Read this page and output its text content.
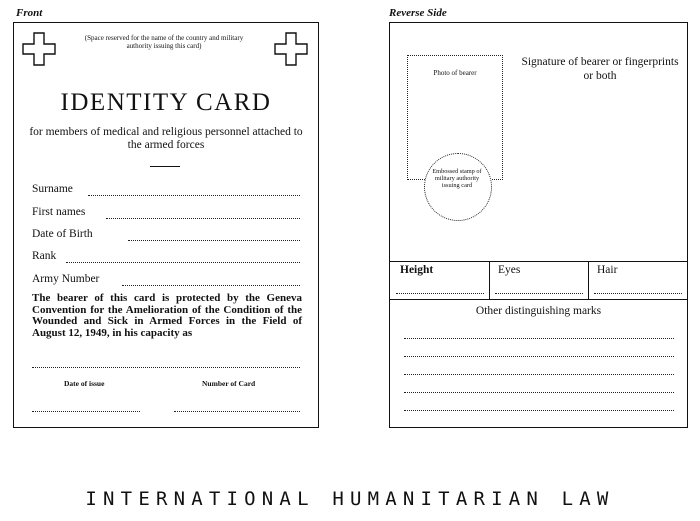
Front	Reverse Side
(Space reserved for the name of the country and military authority issuing this card)
IDENTITY CARD
for members of medical and religious personnel attached to the armed forces
Surname
First names
Date of Birth
Rank
Army Number
The bearer of this card is protected by the Geneva Convention for the Amelioration of the Condition of the Wounded and Sick in Armed Forces in the Field of August 12, 1949, in his capacity as
Date of issue	Number of Card
Photo of bearer
Embossed stamp of military authority issuing card
Signature of bearer or fingerprints or both
Height	Eyes	Hair
Other distinguishing marks
INTERNATIONAL HUMANITARIAN LAW
